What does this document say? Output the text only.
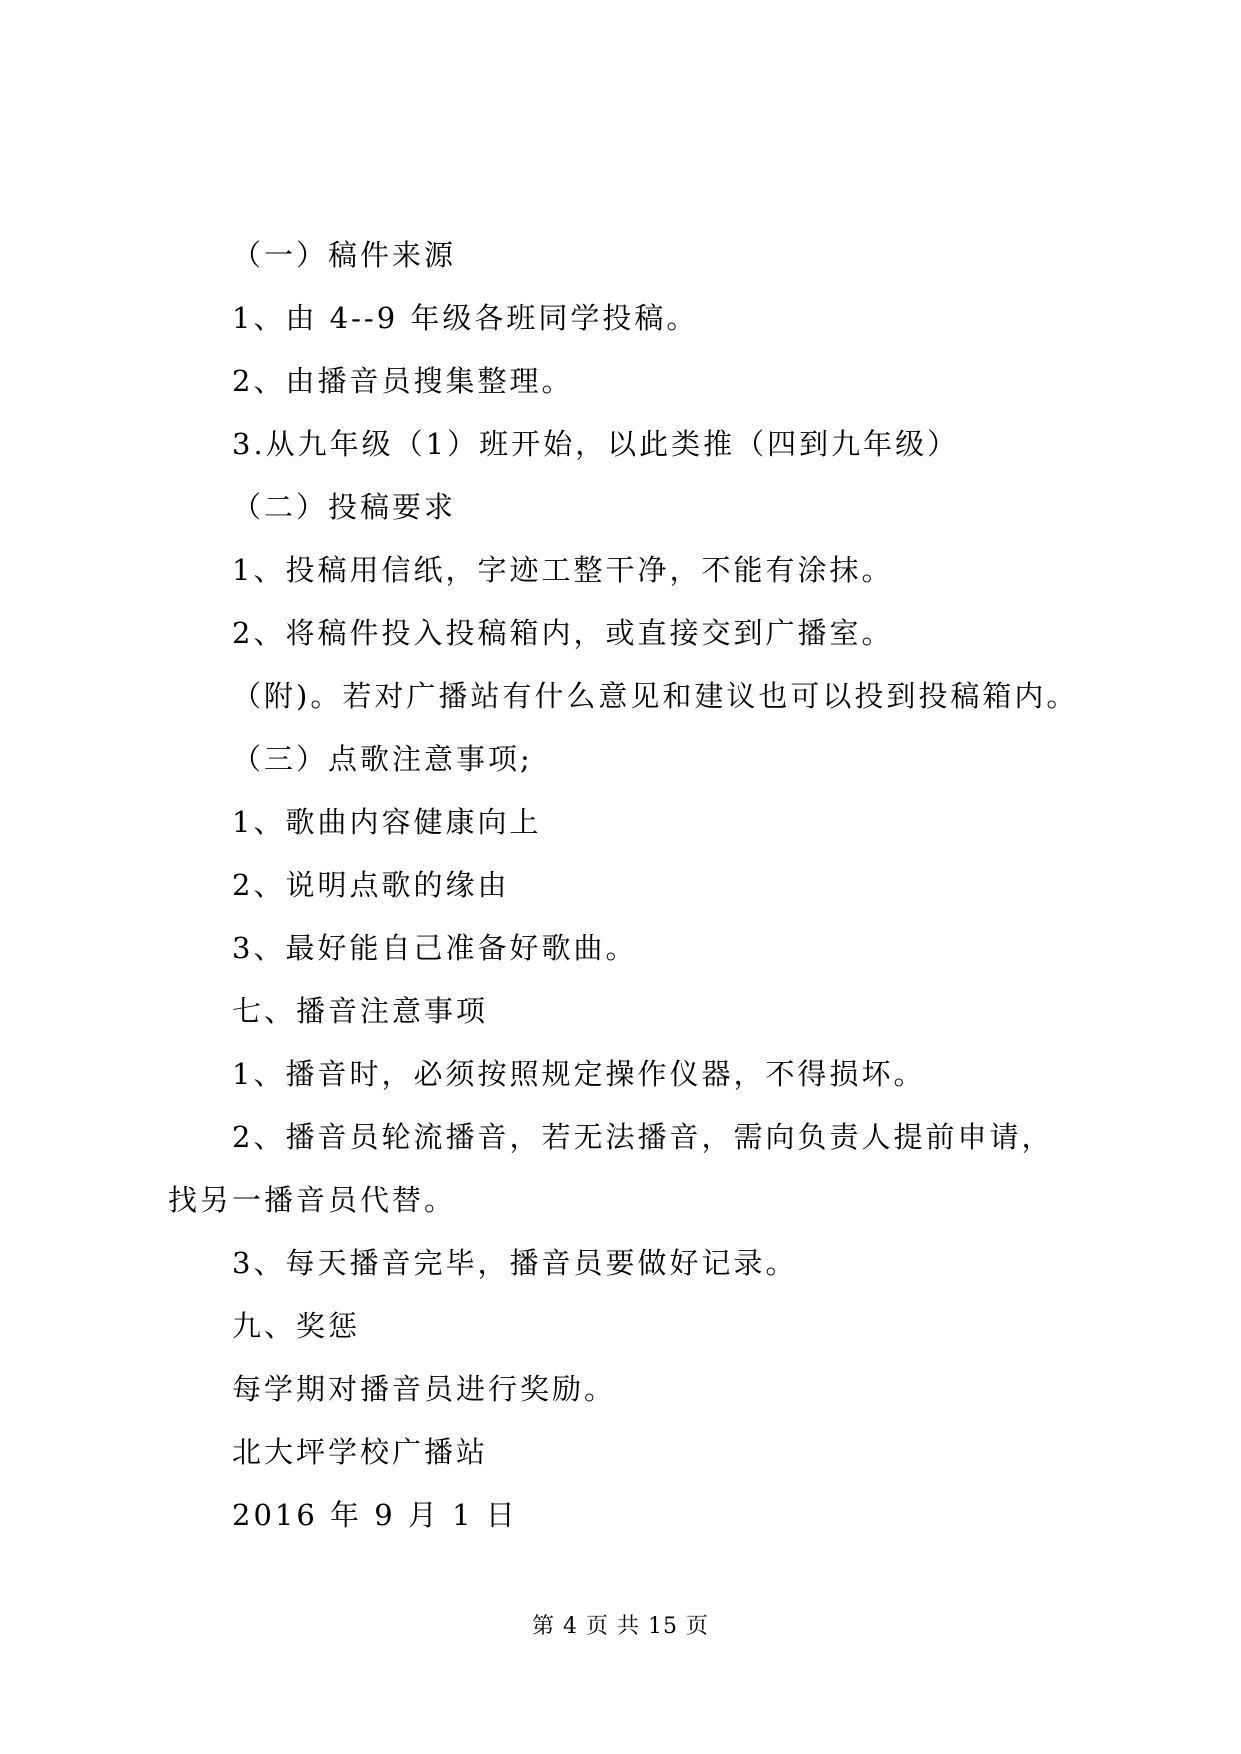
（一）稿件来源
1、由 4--9 年级各班同学投稿。
2、由播音员搜集整理。
3.从九年级（1）班开始，以此类推（四到九年级）
（二）投稿要求
1、投稿用信纸，字迹工整干净，不能有涂抹。
2、将稿件投入投稿箱内，或直接交到广播室。
（附)。若对广播站有什么意见和建议也可以投到投稿箱内。
（三）点歌注意事项;
1、歌曲内容健康向上
2、说明点歌的缘由
3、最好能自己准备好歌曲。
七、播音注意事项
1、播音时，必须按照规定操作仪器，不得损坏。
2、播音员轮流播音，若无法播音，需向负责人提前申请，
找另一播音员代替。
3、每天播音完毕，播音员要做好记录。
九、奖惩
每学期对播音员进行奖励。
北大坪学校广播站
2016 年 9 月 1 日
第 4 页 共 15 页
